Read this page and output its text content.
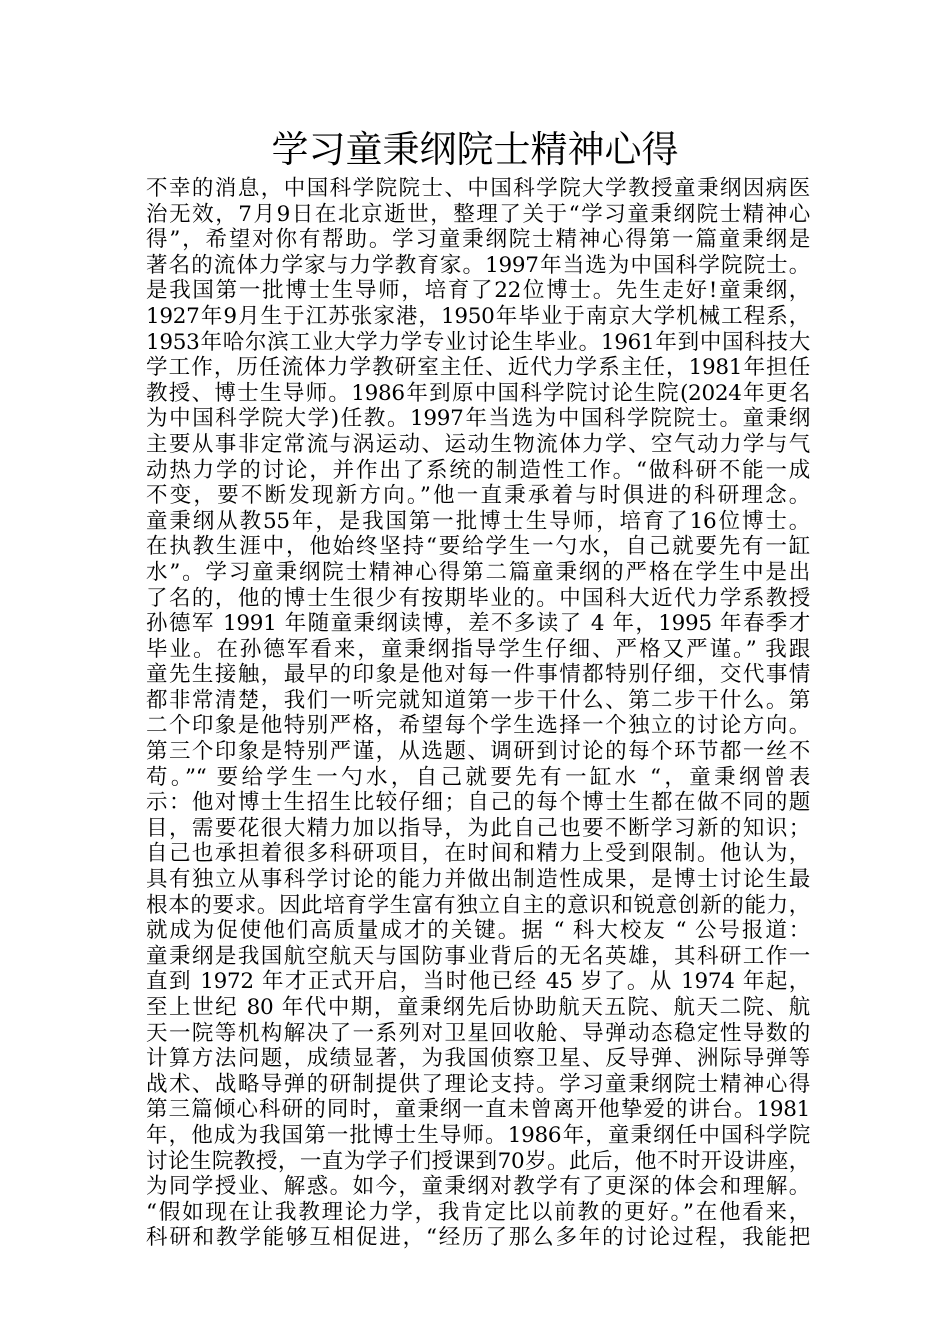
学习童秉纲院士精神心得
不幸的消息，中国科学院院士、中国科学院大学教授童秉纲因病医
治无效，7月9日在北京逝世，整理了关于“学习童秉纲院士精神心
得”，希望对你有帮助。学习童秉纲院士精神心得第一篇童秉纲是
著名的流体力学家与力学教育家。1997年当选为中国科学院院士。
是我国第一批博士生导师，培育了22位博士。先生走好!童秉纲，
1927年9月生于江苏张家港，1950年毕业于南京大学机械工程系，
1953年哈尔滨工业大学力学专业讨论生毕业。1961年到中国科技大
学工作，历任流体力学教研室主任、近代力学系主任，1981年担任
教授、博士生导师。1986年到原中国科学院讨论生院(2024年更名
为中国科学院大学)任教。1997年当选为中国科学院院士。童秉纲
主要从事非定常流与涡运动、运动生物流体力学、空气动力学与气
动热力学的讨论，并作出了系统的制造性工作。“做科研不能一成
不变，要不断发现新方向。”他一直秉承着与时俱进的科研理念。
童秉纲从教55年，是我国第一批博士生导师，培育了16位博士。
在执教生涯中，他始终坚持“要给学生一勺水，自己就要先有一缸
水”。学习童秉纲院士精神心得第二篇童秉纲的严格在学生中是出
了名的，他的博士生很少有按期毕业的。中国科大近代力学系教授
孙德军 1991 年随童秉纲读博，差不多读了 4 年，1995 年春季才
毕业。在孙德军看来，童秉纲指导学生仔细、严格又严谨。” 我跟
童先生接触，最早的印象是他对每一件事情都特别仔细，交代事情
都非常清楚，我们一听完就知道第一步干什么、第二步干什么。第
二个印象是他特别严格，希望每个学生选择一个独立的讨论方向。
第三个印象是特别严谨，从选题、调研到讨论的每个环节都一丝不
苟。”“ 要给学生一勺水，自己就要先有一缸水 “，童秉纲曾表
示：他对博士生招生比较仔细；自己的每个博士生都在做不同的题
目，需要花很大精力加以指导，为此自己也要不断学习新的知识；
自己也承担着很多科研项目，在时间和精力上受到限制。他认为，
具有独立从事科学讨论的能力并做出制造性成果，是博士讨论生最
根本的要求。因此培育学生富有独立自主的意识和锐意创新的能力，
就成为促使他们高质量成才的关键。据 “ 科大校友 “ 公号报道：
童秉纲是我国航空航天与国防事业背后的无名英雄，其科研工作一
直到 1972 年才正式开启，当时他已经 45 岁了。从 1974 年起，
至上世纪 80 年代中期，童秉纲先后协助航天五院、航天二院、航
天一院等机构解决了一系列对卫星回收舱、导弹动态稳定性导数的
计算方法问题，成绩显著，为我国侦察卫星、反导弹、洲际导弹等
战术、战略导弹的研制提供了理论支持。学习童秉纲院士精神心得
第三篇倾心科研的同时，童秉纲一直未曾离开他挚爱的讲台。1981
年，他成为我国第一批博士生导师。1986年，童秉纲任中国科学院
讨论生院教授，一直为学子们授课到70岁。此后，他不时开设讲座，
为同学授业、解惑。如今，童秉纲对教学有了更深的体会和理解。
“假如现在让我教理论力学，我肯定比以前教的更好。”在他看来，
科研和教学能够互相促进，“经历了那么多年的讨论过程，我能把
